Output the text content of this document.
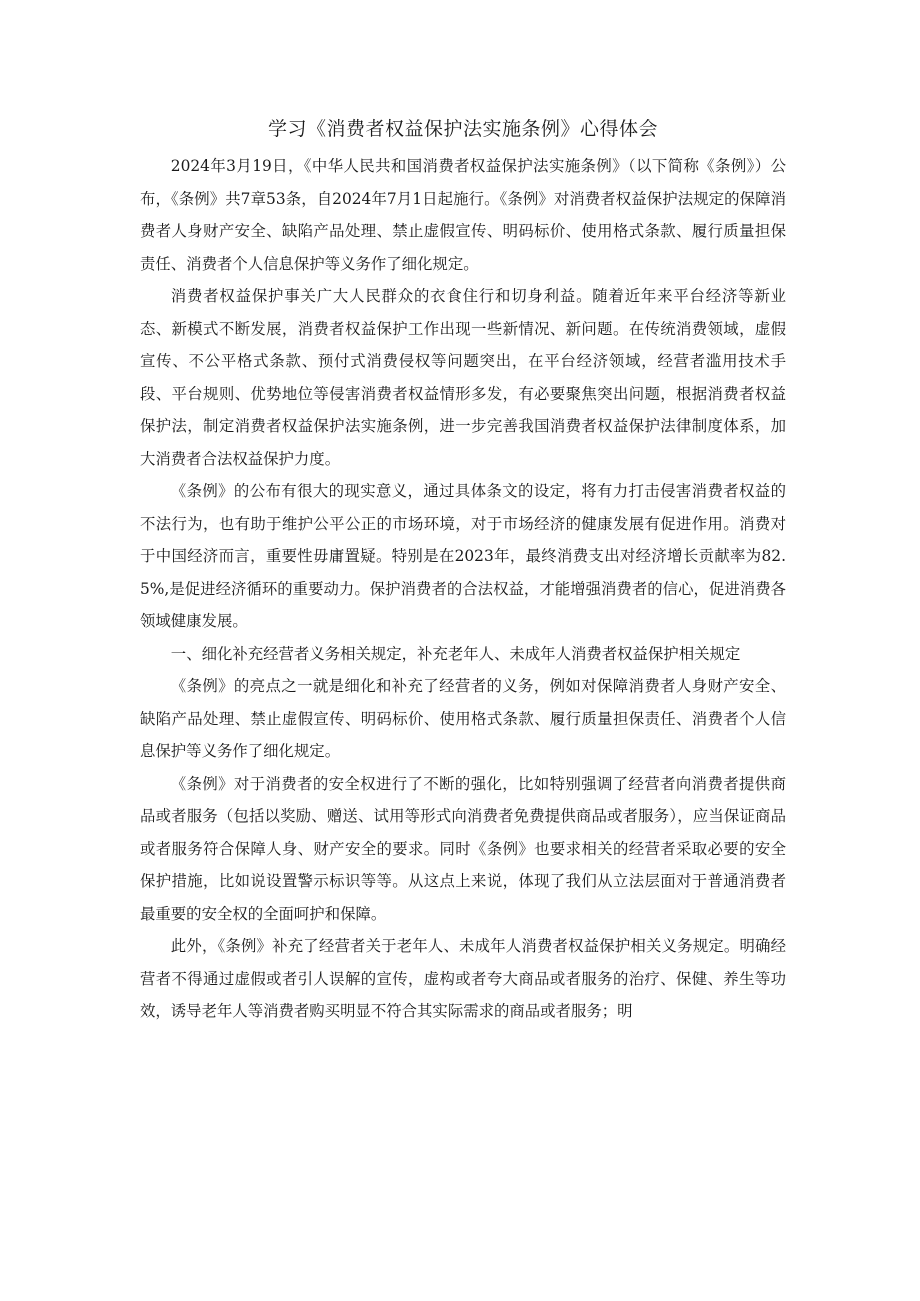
学习《消费者权益保护法实施条例》心得体会

2024年3月19日，《中华人民共和国消费者权益保护法实施条例》（以下简称《条例》）公布，《条例》共7章53条，自2024年7月1日起施行。《条例》对消费者权益保护法规定的保障消费者人身财产安全、缺陷产品处理、禁止虚假宣传、明码标价、使用格式条款、履行质量担保责任、消费者个人信息保护等义务作了细化规定。

消费者权益保护事关广大人民群众的衣食住行和切身利益。随着近年来平台经济等新业态、新模式不断发展，消费者权益保护工作出现一些新情况、新问题。在传统消费领域，虚假宣传、不公平格式条款、预付式消费侵权等问题突出，在平台经济领域，经营者滥用技术手段、平台规则、优势地位等侵害消费者权益情形多发，有必要聚焦突出问题，根据消费者权益保护法，制定消费者权益保护法实施条例，进一步完善我国消费者权益保护法律制度体系，加大消费者合法权益保护力度。

《条例》的公布有很大的现实意义，通过具体条文的设定，将有力打击侵害消费者权益的不法行为，也有助于维护公平公正的市场环境，对于市场经济的健康发展有促进作用。消费对于中国经济而言，重要性毋庸置疑。特别是在2023年，最终消费支出对经济增长贡献率为82.5%,是促进经济循环的重要动力。保护消费者的合法权益，才能增强消费者的信心，促进消费各领域健康发展。

一、细化补充经营者义务相关规定，补充老年人、未成年人消费者权益保护相关规定

《条例》的亮点之一就是细化和补充了经营者的义务，例如对保障消费者人身财产安全、缺陷产品处理、禁止虚假宣传、明码标价、使用格式条款、履行质量担保责任、消费者个人信息保护等义务作了细化规定。

《条例》对于消费者的安全权进行了不断的强化，比如特别强调了经营者向消费者提供商品或者服务（包括以奖励、赠送、试用等形式向消费者免费提供商品或者服务），应当保证商品或者服务符合保障人身、财产安全的要求。同时《条例》也要求相关的经营者采取必要的安全保护措施，比如说设置警示标识等等。从这点上来说，体现了我们从立法层面对于普通消费者最重要的安全权的全面呵护和保障。

此外，《条例》补充了经营者关于老年人、未成年人消费者权益保护相关义务规定。明确经营者不得通过虚假或者引人误解的宣传，虚构或者夸大商品或者服务的治疗、保健、养生等功效，诱导老年人等消费者购买明显不符合其实际需求的商品或者服务；明
